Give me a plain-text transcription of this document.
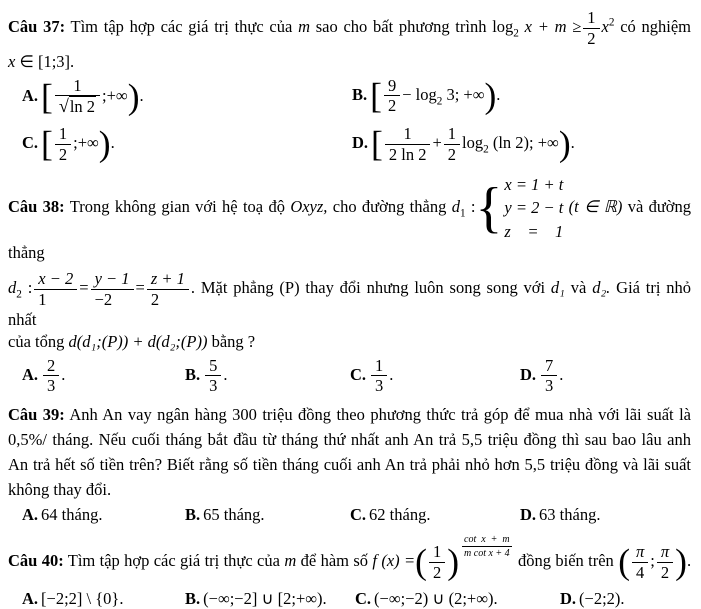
Câu 37: Tìm tập hợp các giá trị thực của m sao cho bất phương trình $\log_2 x + m \ge \frac{1}{2} x^2$ có nghiệm
x ∈ [1;3].
$A.[ \frac{1}{√\ln 2}$ ;+∞).	$B.[ \frac{9}{2} - \log_2 3$; +∞).
$C.[ \frac{1}{2}$ ;+∞).	$D.[ \frac{1}{2 \ln 2} + \frac{1}{2} \log_2 (\ln$ 2); +∞).
Câu 38: Trong không gian với hệ toạ độ Oxyz, cho đường thẳng $d_1$ :{ x = 1 + t
y = 2 − t
z = 1
(t ∈ ℝ) và đường thẳng
$d_2$ : $\frac{x - 2}{1} = \frac{y - 1}{-2} = \frac{z + 1}{2}$ . Mặt phẳng (P) thay đổi nhưng luôn song song với d₁ và d₂. Giá trị nhỏ nhất
của tổng d(d₁;(P)) + d(d₂;(P)) bằng ?
A. $\frac{2}{3}$ .	B. $\frac{5}{3}$ .	C. $\frac{1}{3}$ .	D. $\frac{7}{3}$ .
Câu 39: Anh An vay ngân hàng 300 triệu đồng theo phương thức trả góp để mua nhà với lãi suất là
0,5%/ tháng. Nếu cuối tháng bắt đầu từ tháng thứ nhất anh An trả 5,5 triệu đồng thì sau bao lâu anh
An trả hết số tiền trên? Biết rằng số tiền tháng cuối anh An trả phải nhỏ hơn 5,5 triệu đồng và lãi suất
không thay đổi.
A. 64 tháng.	B. 65 tháng.	C. 62 tháng.	D. 63 tháng.
Câu 40: Tìm tập hợp các giá trị thực của m để hàm số f (x) =( $\frac{1}{2}$ ) $\frac{\text{cot x + m}}{\text{m cot x + 4}}$
đồng biến trên ( $\frac{\pi}{4}$ ; $\frac{\pi}{2}$ ).
A. [−2;2] \ {0}.	B. (−∞;−2] ∪ [2;+∞).	C. (−∞;−2) ∪ (2;+∞).	D. (−2;2).
